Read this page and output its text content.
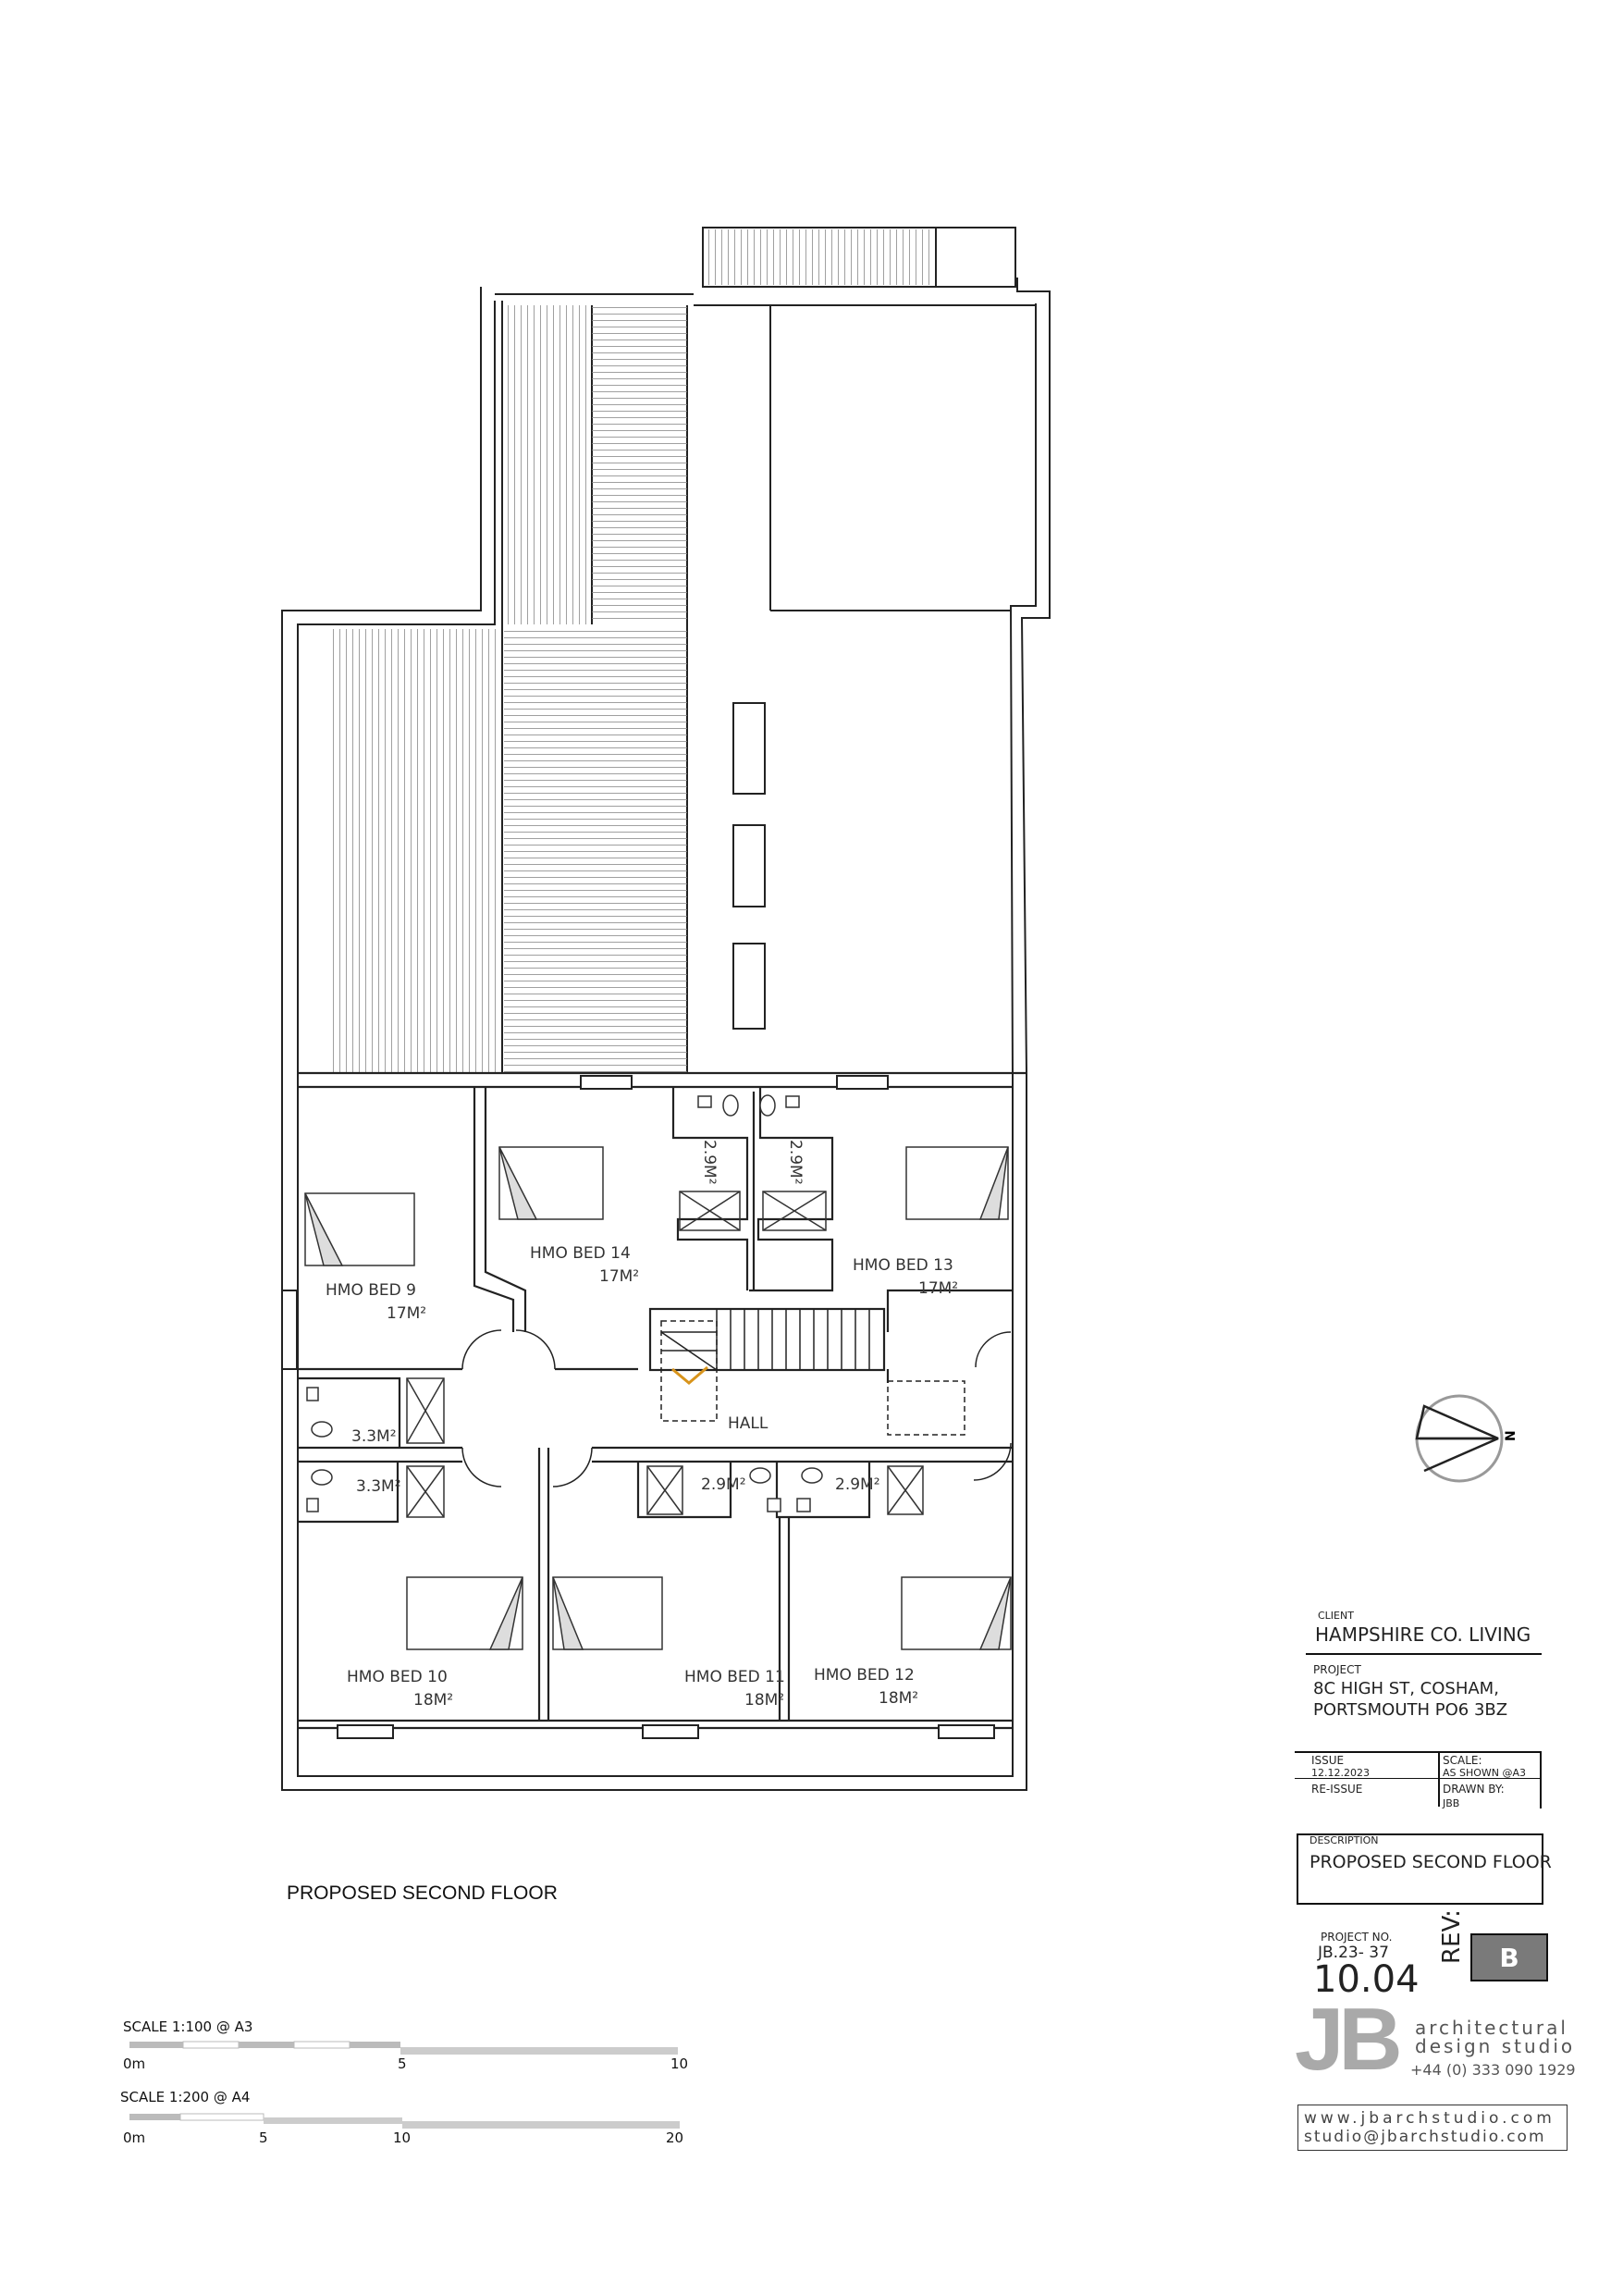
HMO BED 9
17M²
HMO BED 14
17M²
HMO BED 13
17M²
HMO BED 10
18M²
HMO BED 11
18M²
HMO BED 12
18M²
HALL
2.9M²	2.9M²
3.3M²
3.3M²	2.9M²	2.9M²
N
PROPOSED SECOND FLOOR
SCALE 1:100 @ A3
0m	5	10
SCALE 1:200 @ A4
0m	5	10	20
CLIENT
HAMPSHIRE CO. LIVING
PROJECT
8C HIGH ST, COSHAM,
PORTSMOUTH PO6 3BZ
ISSUE
12.12.2023
SCALE:
AS SHOWN @A3
RE-ISSUE	DRAWN BY:
JBB
DESCRIPTION
PROPOSED SECOND FLOOR
PROJECT NO.
JB.23- 37
10.04
REV: B
JB architectural
design studio
+44 (0) 333 090 1929
www.jbarchstudio.com
studio@jbarchstudio.com
